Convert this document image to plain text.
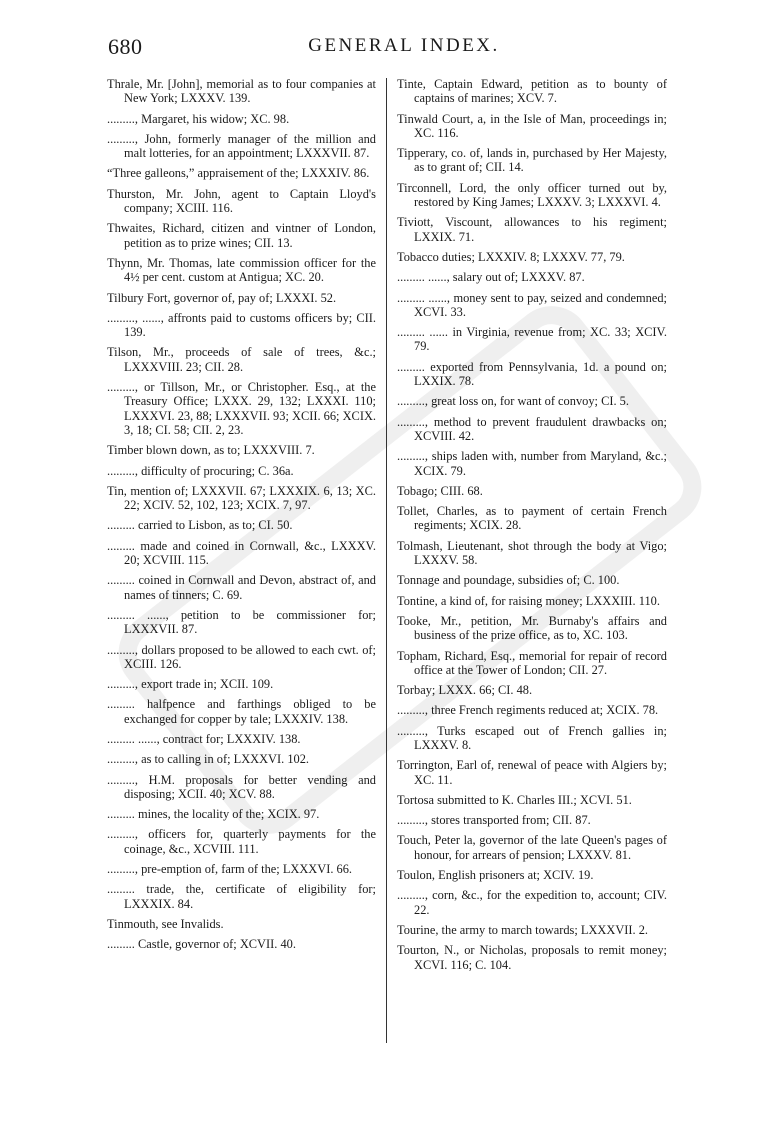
680	GENERAL INDEX.

Thrale, Mr. [John], memorial as to four companies at New York; LXXXV. 139.

........., Margaret, his widow; XC. 98.

........., John, formerly manager of the million and malt lotteries, for an appointment; LXXXVII. 87.

“Three galleons,” appraisement of the; LXXXIV. 86.

Thurston, Mr. John, agent to Captain Lloyd's company; XCIII. 116.

Thwaites, Richard, citizen and vintner of London, petition as to prize wines; CII. 13.

Thynn, Mr. Thomas, late commission officer for the 4½ per cent. custom at Antigua; XC. 20.

Tilbury Fort, governor of, pay of; LXXXI. 52.

........., ......, affronts paid to customs officers by; CII. 139.

Tilson, Mr., proceeds of sale of trees, &c.; LXXXVIII. 23; CII. 28.

........., or Tillson, Mr., or Christopher. Esq., at the Treasury Office; LXXX. 29, 132; LXXXI. 110; LXXXVI. 23, 88; LXXXVII. 93; XCII. 66; XCIX. 3, 18; CI. 58; CII. 2, 23.

Timber blown down, as to; LXXXVIII. 7.

........., difficulty of procuring; C. 36a.

Tin, mention of; LXXXVII. 67; LXXXIX. 6, 13; XC. 22; XCIV. 52, 102, 123; XCIX. 7, 97.

......... carried to Lisbon, as to; CI. 50.

......... made and coined in Cornwall, &c., LXXXV. 20; XCVIII. 115.

......... coined in Cornwall and Devon, abstract of, and names of tinners; C. 69.

......... ......, petition to be commissioner for; LXXXVII. 87.

........., dollars proposed to be allowed to each cwt. of; XCIII. 126.

........., export trade in; XCII. 109.

......... halfpence and farthings obliged to be exchanged for copper by tale; LXXXIV. 138.

......... ......, contract for; LXXXIV. 138.

........., as to calling in of; LXXXVI. 102.

........., H.M. proposals for better vending and disposing; XCII. 40; XCV. 88.

......... mines, the locality of the; XCIX. 97.

........., officers for, quarterly payments for the coinage, &c., XCVIII. 111.

........., pre-emption of, farm of the; LXXXVI. 66.

......... trade, the, certificate of eligibility for; LXXXIX. 84.

Tinmouth, see Invalids.

......... Castle, governor of; XCVII. 40.

Tinte, Captain Edward, petition as to bounty of captains of marines; XCV. 7.

Tinwald Court, a, in the Isle of Man, proceedings in; XC. 116.

Tipperary, co. of, lands in, purchased by Her Majesty, as to grant of; CII. 14.

Tirconnell, Lord, the only officer turned out by, restored by King James; LXXXV. 3; LXXXVI. 4.

Tiviott, Viscount, allowances to his regiment; LXXIX. 71.

Tobacco duties; LXXXIV. 8; LXXXV. 77, 79.

......... ......, salary out of; LXXXV. 87.

......... ......, money sent to pay, seized and condemned; XCVI. 33.

......... ...... in Virginia, revenue from; XC. 33; XCIV. 79.

......... exported from Pennsylvania, 1d. a pound on; LXXIX. 78.

........., great loss on, for want of convoy; CI. 5.

........., method to prevent fraudulent drawbacks on; XCVIII. 42.

........., ships laden with, number from Maryland, &c.; XCIX. 79.

Tobago; CIII. 68.

Tollet, Charles, as to payment of certain French regiments; XCIX. 28.

Tolmash, Lieutenant, shot through the body at Vigo; LXXXV. 58.

Tonnage and poundage, subsidies of; C. 100.

Tontine, a kind of, for raising money; LXXXIII. 110.

Tooke, Mr., petition, Mr. Burnaby's affairs and business of the prize office, as to, XC. 103.

Topham, Richard, Esq., memorial for repair of record office at the Tower of London; CII. 27.

Torbay; LXXX. 66; CI. 48.

........., three French regiments reduced at; XCIX. 78.

........., Turks escaped out of French gallies in; LXXXV. 8.

Torrington, Earl of, renewal of peace with Algiers by; XC. 11.

Tortosa submitted to K. Charles III.; XCVI. 51.

........., stores transported from; CII. 87.

Touch, Peter la, governor of the late Queen's pages of honour, for arrears of pension; LXXXV. 81.

Toulon, English prisoners at; XCIV. 19.

........., corn, &c., for the expedition to, account; CIV. 22.

Tourine, the army to march towards; LXXXVII. 2.

Tourton, N., or Nicholas, proposals to remit money; XCVI. 116; C. 104.
